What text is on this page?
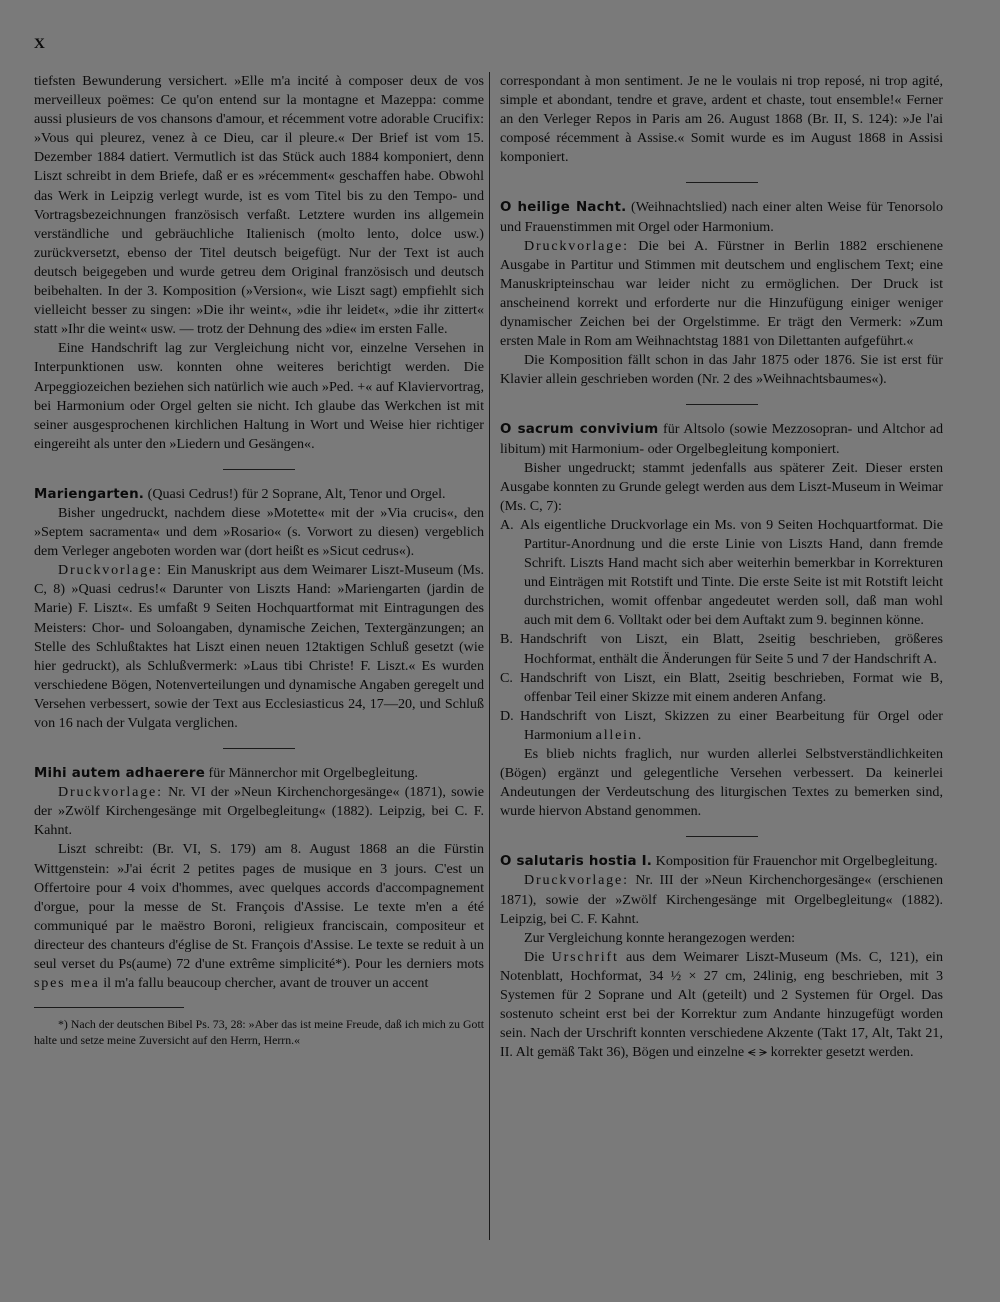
X

tiefsten Bewunderung versichert. »Elle m'a incité à composer deux de vos merveilleux poëmes: Ce qu'on entend sur la montagne et Mazeppa: comme aussi plusieurs de vos chansons d'amour, et récemment votre adorable Crucifix: »Vous qui pleurez, venez à ce Dieu, car il pleure.« Der Brief ist vom 15. Dezember 1884 datiert. Vermutlich ist das Stück auch 1884 komponiert, denn Liszt schreibt in dem Briefe, daß er es »récemment« geschaffen habe. Obwohl das Werk in Leipzig verlegt wurde, ist es vom Titel bis zu den Tempo- und Vortragsbezeichnungen französisch verfaßt. Letztere wurden ins allgemein verständliche und gebräuchliche Italienisch (molto lento, dolce usw.) zurückversetzt, ebenso der Titel deutsch beigefügt. Nur der Text ist auch deutsch beigegeben und wurde getreu dem Original französisch und deutsch beibehalten. In der 3. Komposition (»Version«, wie Liszt sagt) empfiehlt sich vielleicht besser zu singen: »Die ihr weint«, »die ihr leidet«, »die ihr zittert« statt »Ihr die weint« usw. — trotz der Dehnung des »die« im ersten Falle.

Eine Handschrift lag zur Vergleichung nicht vor, einzelne Versehen in Interpunktionen usw. konnten ohne weiteres berichtigt werden. Die Arpeggiozeichen beziehen sich natürlich wie auch »Ped. +« auf Klaviervortrag, bei Harmonium oder Orgel gelten sie nicht. Ich glaube das Werkchen ist mit seiner ausgesprochenen kirchlichen Haltung in Wort und Weise hier richtiger eingereiht als unter den »Liedern und Gesängen«.

Mariengarten. (Quasi Cedrus!) für 2 Soprane, Alt, Tenor und Orgel.

Bisher ungedruckt, nachdem diese »Motette« mit der »Via crucis«, den »Septem sacramenta« und dem »Rosario« (s. Vorwort zu diesen) vergeblich dem Verleger angeboten worden war (dort heißt es »Sicut cedrus«).

Druckvorlage: Ein Manuskript aus dem Weimarer Liszt-Museum (Ms. C, 8) »Quasi cedrus!« Darunter von Liszts Hand: »Mariengarten (jardin de Marie) F. Liszt«. Es umfaßt 9 Seiten Hochquartformat mit Eintragungen des Meisters: Chor- und Soloangaben, dynamische Zeichen, Textergänzungen; an Stelle des Schlußtaktes hat Liszt einen neuen 12taktigen Schluß gesetzt (wie hier gedruckt), als Schlußvermerk: »Laus tibi Christe! F. Liszt.« Es wurden verschiedene Bögen, Notenverteilungen und dynamische Angaben geregelt und Versehen verbessert, sowie der Text aus Ecclesiasticus 24, 17—20, und Schluß von 16 nach der Vulgata verglichen.

Mihi autem adhaerere für Männerchor mit Orgelbegleitung.

Druckvorlage: Nr. VI der »Neun Kirchenchorgesänge« (1871), sowie der »Zwölf Kirchengesänge mit Orgelbegleitung« (1882). Leipzig, bei C. F. Kahnt.

Liszt schreibt: (Br. VI, S. 179) am 8. August 1868 an die Fürstin Wittgenstein: »J'ai écrit 2 petites pages de musique en 3 jours. C'est un Offertoire pour 4 voix d'hommes, avec quelques accords d'accompagnement d'orgue, pour la messe de St. François d'Assise. Le texte m'en a été communiqué par le maëstro Boroni, religieux franciscain, compositeur et directeur des chanteurs d'église de St. François d'Assise. Le texte se reduit à un seul verset du Ps(aume) 72 d'une extrême simplicité*). Pour les derniers mots spes mea il m'a fallu beaucoup chercher, avant de trouver un accent

*) Nach der deutschen Bibel Ps. 73, 28: »Aber das ist meine Freude, daß ich mich zu Gott halte und setze meine Zuversicht auf den Herrn, Herrn.«

correspondant à mon sentiment. Je ne le voulais ni trop reposé, ni trop agité, simple et abondant, tendre et grave, ardent et chaste, tout ensemble!« Ferner an den Verleger Repos in Paris am 26. August 1868 (Br. II, S. 124): »Je l'ai composé récemment à Assise.« Somit wurde es im August 1868 in Assisi komponiert.

O heilige Nacht. (Weihnachtslied) nach einer alten Weise für Tenorsolo und Frauenstimmen mit Orgel oder Harmonium.

Druckvorlage: Die bei A. Fürstner in Berlin 1882 erschienene Ausgabe in Partitur und Stimmen mit deutschem und englischem Text; eine Manuskripteinschau war leider nicht zu ermöglichen. Der Druck ist anscheinend korrekt und erforderte nur die Hinzufügung einiger weniger dynamischer Zeichen bei der Orgelstimme. Er trägt den Vermerk: »Zum ersten Male in Rom am Weihnachtstag 1881 von Dilettanten aufgeführt.«

Die Komposition fällt schon in das Jahr 1875 oder 1876. Sie ist erst für Klavier allein geschrieben worden (Nr. 2 des »Weihnachtsbaumes«).

O sacrum convivium für Altsolo (sowie Mezzosopran- und Altchor ad libitum) mit Harmonium- oder Orgelbegleitung komponiert.

Bisher ungedruckt; stammt jedenfalls aus späterer Zeit. Dieser ersten Ausgabe konnten zu Grunde gelegt werden aus dem Liszt-Museum in Weimar (Ms. C, 7):

A. Als eigentliche Druckvorlage ein Ms. von 9 Seiten Hochquartformat. Die Partitur-Anordnung und die erste Linie von Liszts Hand, dann fremde Schrift. Liszts Hand macht sich aber weiterhin bemerkbar in Korrekturen und Einträgen mit Rotstift und Tinte. Die erste Seite ist mit Rotstift leicht durchstrichen, womit offenbar angedeutet werden soll, daß man wohl auch mit dem 6. Volltakt oder bei dem Auftakt zum 9. beginnen könne.
B. Handschrift von Liszt, ein Blatt, 2seitig beschrieben, größeres Hochformat, enthält die Änderungen für Seite 5 und 7 der Handschrift A.
C. Handschrift von Liszt, ein Blatt, 2seitig beschrieben, Format wie B, offenbar Teil einer Skizze mit einem anderen Anfang.
D. Handschrift von Liszt, Skizzen zu einer Bearbeitung für Orgel oder Harmonium allein.

Es blieb nichts fraglich, nur wurden allerlei Selbstverständlichkeiten (Bögen) ergänzt und gelegentliche Versehen verbessert. Da keinerlei Andeutungen der Verdeutschung des liturgischen Textes zu bemerken sind, wurde hiervon Abstand genommen.

O salutaris hostia I. Komposition für Frauenchor mit Orgelbegleitung.

Druckvorlage: Nr. III der »Neun Kirchenchorgesänge« (erschienen 1871), sowie der »Zwölf Kirchengesänge mit Orgelbegleitung« (1882). Leipzig, bei C. F. Kahnt.

Zur Vergleichung konnte herangezogen werden:

Die Urschrift aus dem Weimarer Liszt-Museum (Ms. C, 121), ein Notenblatt, Hochformat, 34 ½ × 27 cm, 24linig, eng beschrieben, mit 3 Systemen für 2 Soprane und Alt (geteilt) und 2 Systemen für Orgel. Das sostenuto scheint erst bei der Korrektur zum Andante hinzugefügt worden sein. Nach der Urschrift konnten verschiedene Akzente (Takt 17, Alt, Takt 21, II. Alt gemäß Takt 36), Bögen und einzelne ⪪ ⪫ korrekter gesetzt werden.
